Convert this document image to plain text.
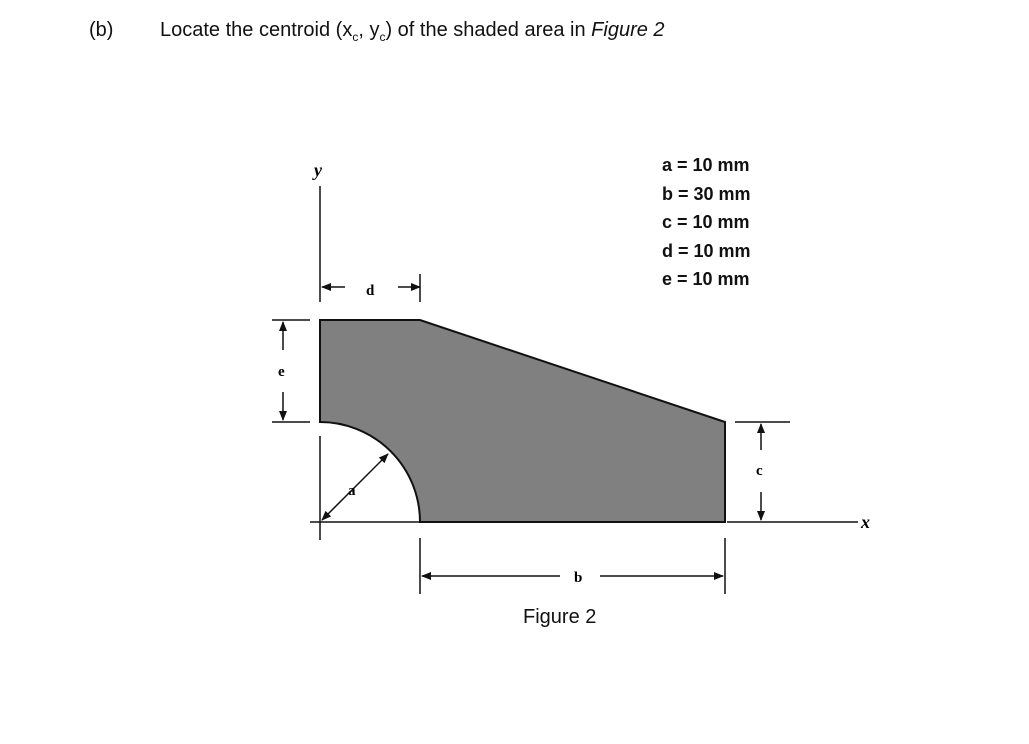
(b) Locate the centroid ($x_c$, $y_c$) of the shaded area in Figure 2
y
x
d
e
a
b
c
a = 10 mm
b = 30 mm
c = 10 mm
d = 10 mm
e = 10 mm
Figure 2
